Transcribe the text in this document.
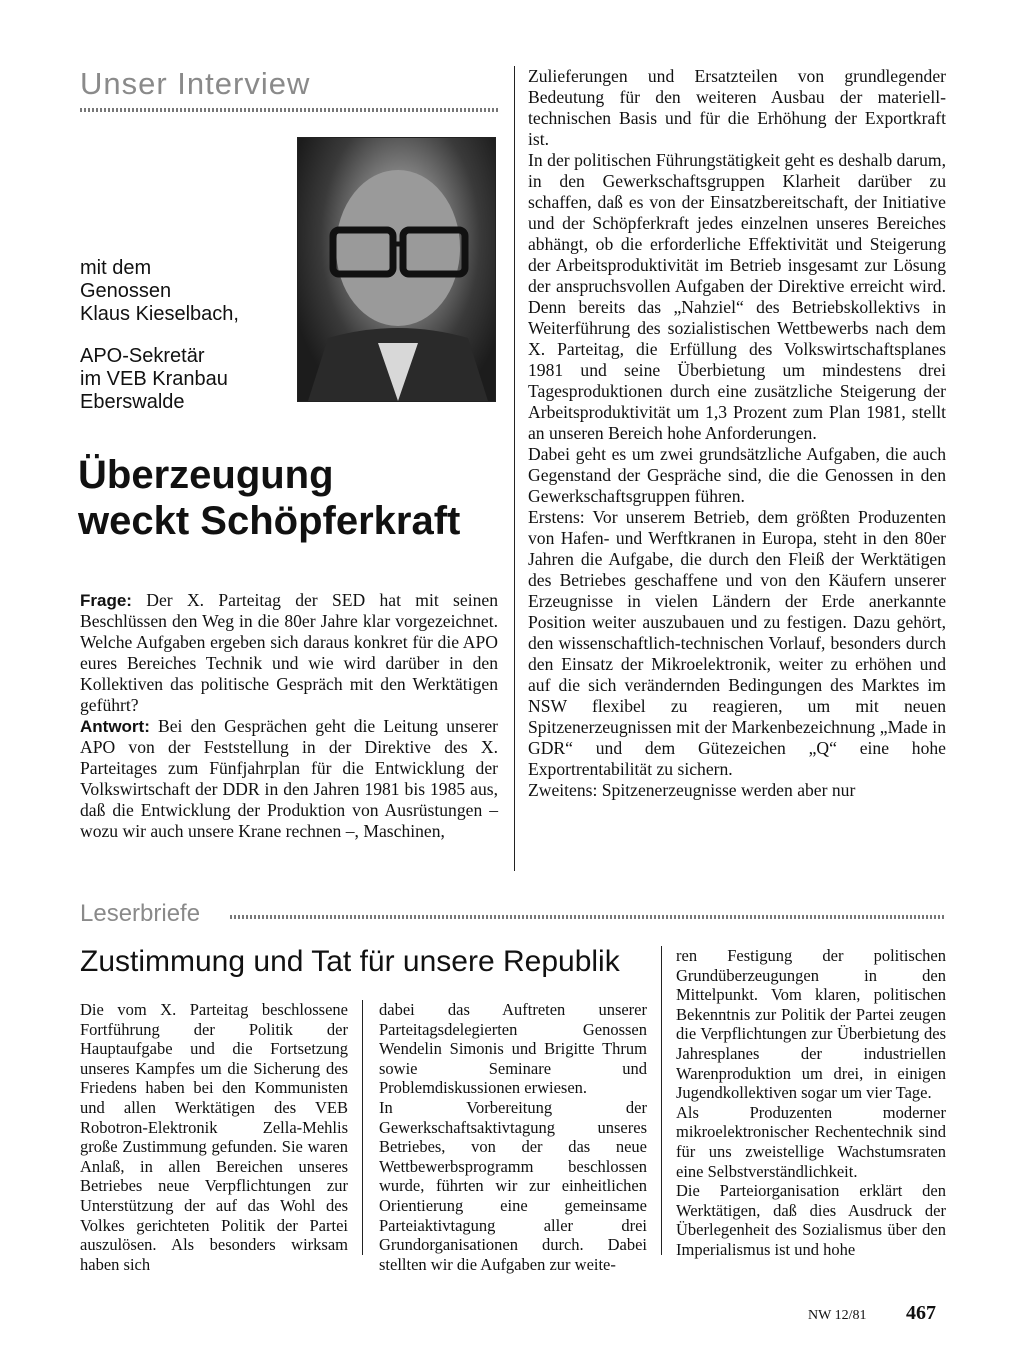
Unser Interview
mit dem
Genossen
Klaus Kieselbach,
APO-Sekretär
im VEB Kranbau
Eberswalde
Überzeugung
weckt Schöpferkraft

Frage: Der X. Parteitag der SED hat mit seinen Beschlüssen den Weg in die 80er Jahre klar vorgezeichnet. Welche Aufgaben ergeben sich daraus konkret für die APO eures Bereiches Technik und wie wird darüber in den Kollektiven das politische Gespräch mit den Werktätigen geführt?

Antwort: Bei den Gesprächen geht die Leitung unserer APO von der Feststellung in der Direktive des X. Parteitages zum Fünfjahrplan für die Entwicklung der Volkswirtschaft der DDR in den Jahren 1981 bis 1985 aus, daß die Entwicklung der Produktion von Ausrüstungen – wozu wir auch unsere Krane rechnen –, Maschinen,

Zulieferungen und Ersatzteilen von grundlegender Bedeutung für den weiteren Ausbau der materiell-technischen Basis und für die Erhöhung der Exportkraft ist.

In der politischen Führungstätigkeit geht es deshalb darum, in den Gewerkschaftsgruppen Klarheit darüber zu schaffen, daß es von der Einsatzbereitschaft, der Initiative und der Schöpferkraft jedes einzelnen unseres Bereiches abhängt, ob die erforderliche Effektivität und Steigerung der Arbeitsproduktivität im Betrieb insgesamt zur Lösung der anspruchsvollen Aufgaben der Direktive erreicht wird. Denn bereits das „Nahziel“ des Betriebskollektivs in Weiterführung des sozialistischen Wettbewerbs nach dem X. Parteitag, die Erfüllung des Volkswirtschaftsplanes 1981 und seine Überbietung um mindestens drei Tagesproduktionen durch eine zusätzliche Steigerung der Arbeitsproduktivität um 1,3 Prozent zum Plan 1981, stellt an unseren Bereich hohe Anforderungen.

Dabei geht es um zwei grundsätzliche Aufgaben, die auch Gegenstand der Gespräche sind, die die Genossen in den Gewerkschaftsgruppen führen.

Erstens: Vor unserem Betrieb, dem größten Produzenten von Hafen- und Werftkranen in Europa, steht in den 80er Jahren die Aufgabe, die durch den Fleiß der Werktätigen des Betriebes geschaffene und von den Käufern unserer Erzeugnisse in vielen Ländern der Erde anerkannte Position weiter auszubauen und zu festigen. Dazu gehört, den wissenschaftlich-technischen Vorlauf, besonders durch den Einsatz der Mikroelektronik, weiter zu erhöhen und auf die sich verändernden Bedingungen des Marktes im NSW flexibel zu reagieren, um mit neuen Spitzenerzeugnissen mit der Markenbezeichnung „Made in GDR“ und dem Gütezeichen „Q“ eine hohe Exportrentabilität zu sichern.

Zweitens: Spitzenerzeugnisse werden aber nur

Leserbriefe
Zustimmung und Tat für unsere Republik

Die vom X. Parteitag beschlossene Fortführung der Politik der Hauptaufgabe und die Fortsetzung unseres Kampfes um die Sicherung des Friedens haben bei den Kommunisten und allen Werktätigen des VEB Robotron-Elektronik Zella-Mehlis große Zustimmung gefunden. Sie waren Anlaß, in allen Bereichen unseres Betriebes neue Verpflichtungen zur Unterstützung der auf das Wohl des Volkes gerichteten Politik der Partei auszulösen. Als besonders wirksam haben sich

dabei das Auftreten unserer Parteitagsdelegierten Genossen Wendelin Simonis und Brigitte Thrum sowie Seminare und Problemdiskussionen erwiesen.

In Vorbereitung der Gewerkschaftsaktivtagung unseres Betriebes, von der das neue Wettbewerbsprogramm beschlossen wurde, führten wir zur einheitlichen Orientierung eine gemeinsame Parteiaktivtagung aller drei Grundorganisationen durch. Dabei stellten wir die Aufgaben zur weite-

ren Festigung der politischen Grundüberzeugungen in den Mittelpunkt. Vom klaren, politischen Bekenntnis zur Politik der Partei zeugen die Verpflichtungen zur Überbietung des Jahresplanes der industriellen Warenproduktion um drei, in einigen Jugendkollektiven sogar um vier Tage.

Als Produzenten moderner mikroelektronischer Rechentechnik sind für uns zweistellige Wachstumsraten eine Selbstverständlichkeit.

Die Parteiorganisation erklärt den Werktätigen, daß dies Ausdruck der Überlegenheit des Sozialismus über den Imperialismus ist und hohe

NW 12/81 467
